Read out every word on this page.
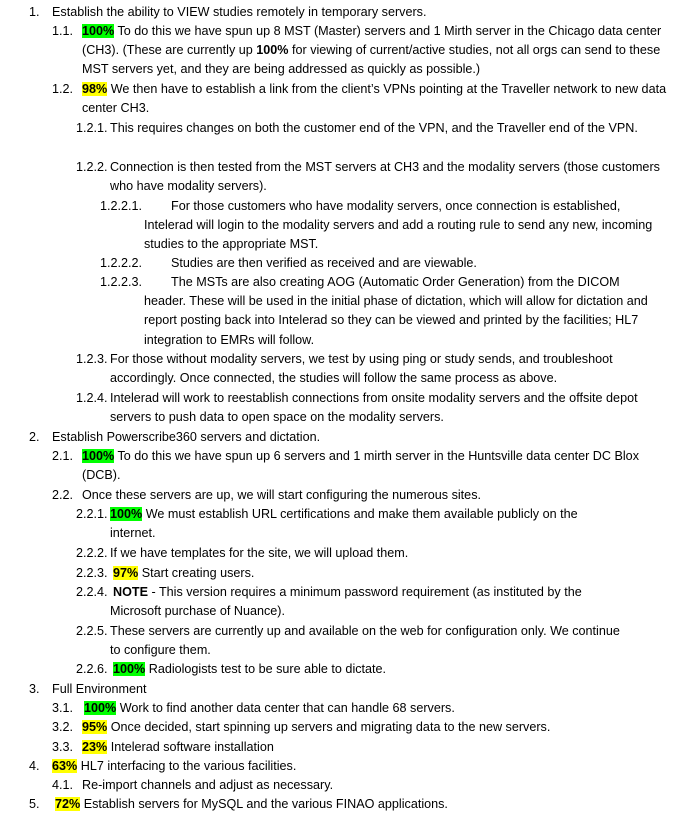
1. Establish the ability to VIEW studies remotely in temporary servers.
1.1. 100% To do this we have spun up 8 MST (Master) servers and 1 Mirth server in the Chicago data center (CH3). (These are currently up 100% for viewing of current/active studies, not all orgs can send to these MST servers yet, and they are being addressed as quickly as possible.)
1.2. 98% We then have to establish a link from the client’s VPNs pointing at the Traveller network to new data center CH3.
1.2.1. This requires changes on both the customer end of the VPN, and the Traveller end of the VPN.
1.2.2. Connection is then tested from the MST servers at CH3 and the modality servers (those customers who have modality servers).
1.2.2.1.	For those customers who have modality servers, once connection is established, Intelerad will login to the modality servers and add a routing rule to send any new, incoming studies to the appropriate MST.
1.2.2.2. Studies are then verified as received and are viewable.
1.2.2.3.	The MSTs are also creating AOG (Automatic Order Generation) from the DICOM header. These will be used in the initial phase of dictation, which will allow for dictation and report posting back into Intelerad so they can be viewed and printed by the facilities; HL7 integration to EMRs will follow.
1.2.3. For those without modality servers, we test by using ping or study sends, and troubleshoot accordingly. Once connected, the studies will follow the same process as above.
1.2.4. Intelerad will work to reestablish connections from onsite modality servers and the offsite depot servers to push data to open space on the modality servers.
2. Establish Powerscribe360 servers and dictation.
2.1. 100% To do this we have spun up 6 servers and 1 mirth server in the Huntsville data center DC Blox (DCB).
2.2. Once these servers are up, we will start configuring the numerous sites.
2.2.1. 100% We must establish URL certifications and make them available publicly on the internet.
2.2.2. If we have templates for the site, we will upload them.
2.2.3. 97% Start creating users.
2.2.4. NOTE - This version requires a minimum password requirement (as instituted by the Microsoft purchase of Nuance).
2.2.5. These servers are currently up and available on the web for configuration only. We continue to configure them.
2.2.6. 100% Radiologists test to be sure able to dictate.
3. Full Environment
3.1. 100% Work to find another data center that can handle 68 servers.
3.2. 95% Once decided, start spinning up servers and migrating data to the new servers.
3.3. 23% Intelerad software installation
4. 63% HL7 interfacing to the various facilities.
4.1. Re-import channels and adjust as necessary.
5. 72% Establish servers for MySQL and the various FINAO applications.
